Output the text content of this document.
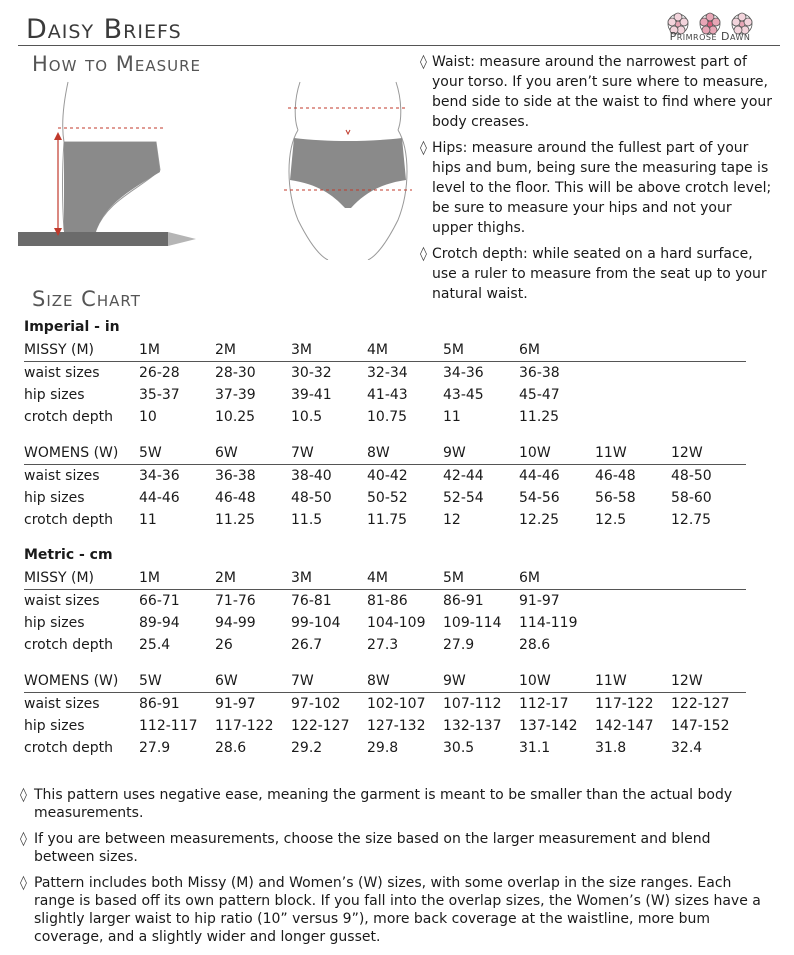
Daisy Briefs	Primrose Dawn
How to Measure	◊ Waist: measure around the narrowest part of your torso. If you aren’t sure where to measure, bend side to side at the waist to find where your body creases.
◊ Hips: measure around the fullest part of your hips and bum, being sure the measuring tape is level to the floor. This will be above crotch level; be sure to measure your hips and not your upper thighs.
◊ Crotch depth: while seated on a hard surface, use a ruler to measure from the seat up to your natural waist.
Size Chart
Imperial - in
MISSY (M)	1M	2M	3M	4M	5M	6M
waist sizes	26-28	28-30	30-32	32-34	34-36	36-38
hip sizes	35-37	37-39	39-41	41-43	43-45	45-47
crotch depth	10	10.25	10.5	10.75	11	11.25
WOMENS (W)	5W	6W	7W	8W	9W	10W	11W	12W
waist sizes	34-36	36-38	38-40	40-42	42-44	44-46	46-48	48-50
hip sizes	44-46	46-48	48-50	50-52	52-54	54-56	56-58	58-60
crotch depth	11	11.25	11.5	11.75	12	12.25	12.5	12.75
Metric - cm
MISSY (M)	1M	2M	3M	4M	5M	6M
waist sizes	66-71	71-76	76-81	81-86	86-91	91-97
hip sizes	89-94	94-99	99-104	104-109	109-114	114-119
crotch depth	25.4	26	26.7	27.3	27.9	28.6
WOMENS (W)	5W	6W	7W	8W	9W	10W	11W	12W
waist sizes	86-91	91-97	97-102	102-107	107-112	112-17	117-122	122-127
hip sizes	112-117	117-122	122-127	127-132	132-137	137-142	142-147	147-152
crotch depth	27.9	28.6	29.2	29.8	30.5	31.1	31.8	32.4
◊ This pattern uses negative ease, meaning the garment is meant to be smaller than the actual body measurements.
◊ If you are between measurements, choose the size based on the larger measurement and blend between sizes.
◊ Pattern includes both Missy (M) and Women’s (W) sizes, with some overlap in the size ranges. Each range is based off its own pattern block. If you fall into the overlap sizes, the Women’s (W) sizes have a slightly larger waist to hip ratio (10” versus 9”), more back coverage at the waistline, more bum coverage, and a slightly wider and longer gusset.
